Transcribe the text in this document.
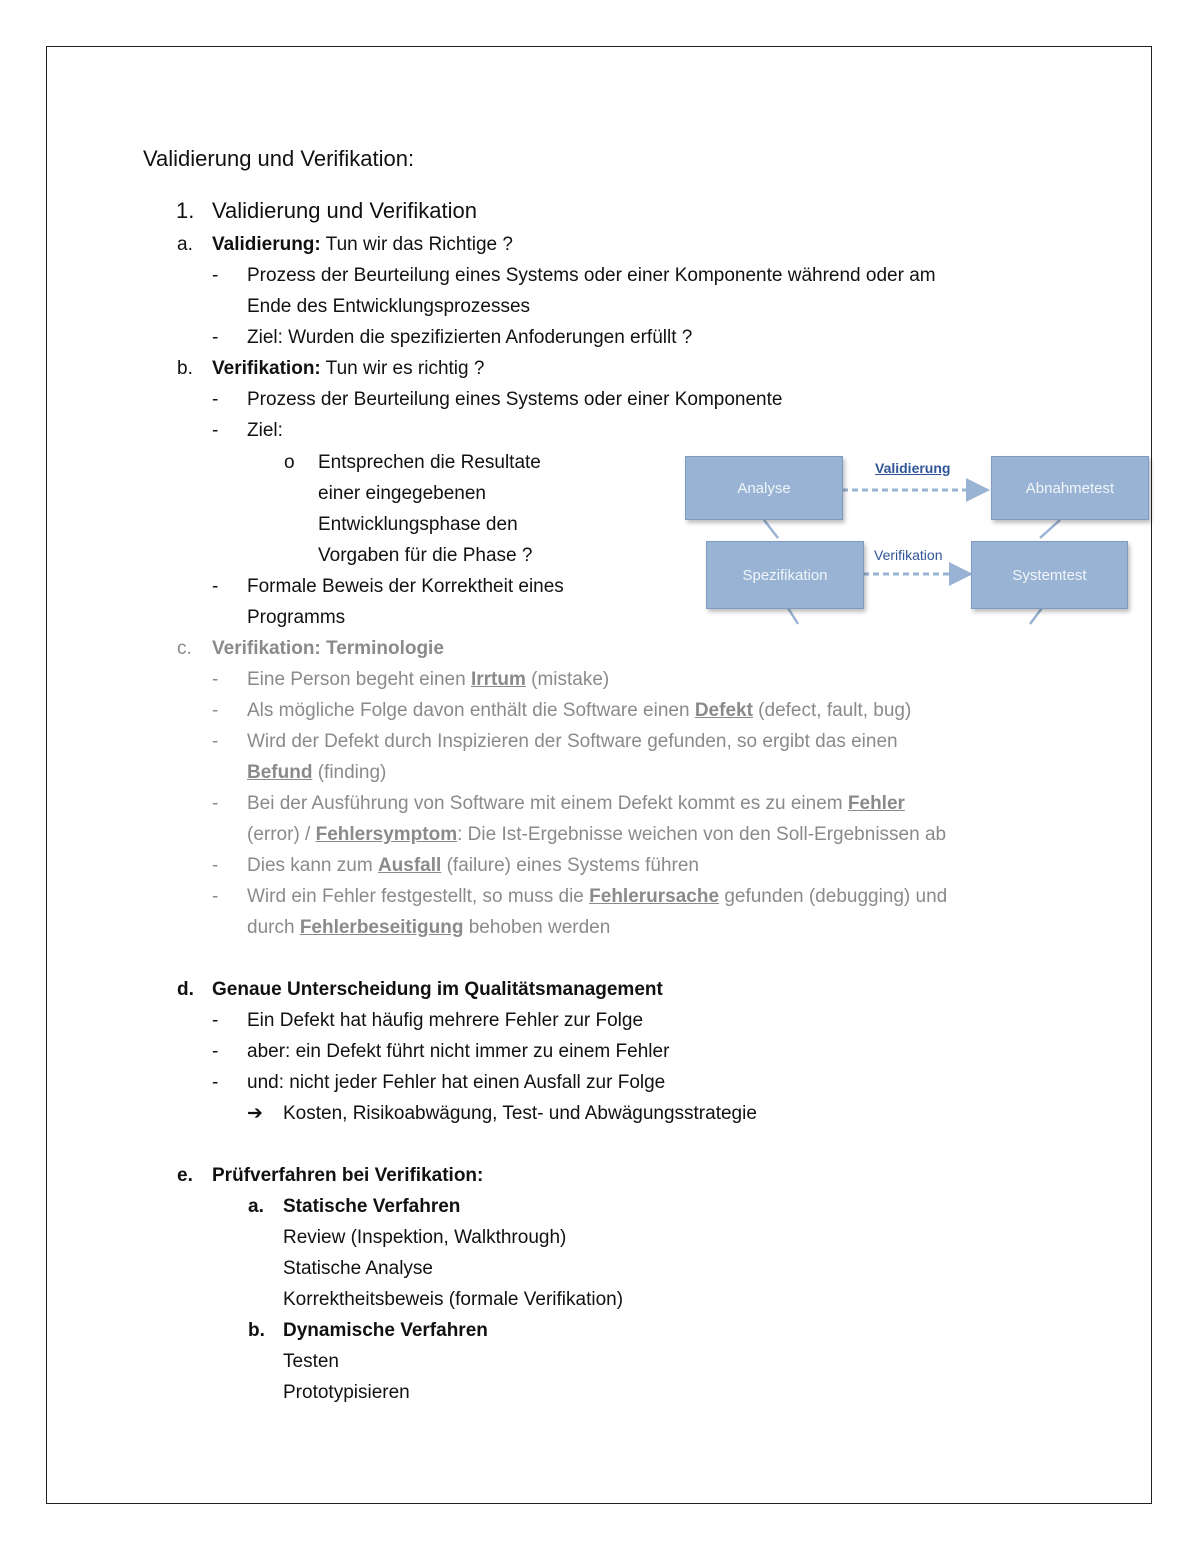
Validierung und Verifikation:
1. Validierung und Verifikation
a. Validierung: Tun wir das Richtige ?
- Prozess der Beurteilung eines Systems oder einer Komponente während oder am
Ende des Entwicklungsprozesses
- Ziel: Wurden die spezifizierten Anfoderungen erfüllt ?
b. Verifikation: Tun wir es richtig ?
- Prozess der Beurteilung eines Systems oder einer Komponente
- Ziel:
o Entsprechen die Resultate
einer eingegebenen
Entwicklungsphase den
Vorgaben für die Phase ?
- Formale Beweis der Korrektheit eines
Programms
Analyse	Abnahmetest
Spezifikation	Systemtest
Validierung
Verifikation
c. Verifikation: Terminologie
- Eine Person begeht einen Irrtum (mistake)
- Als mögliche Folge davon enthält die Software einen Defekt (defect, fault, bug)
- Wird der Defekt durch Inspizieren der Software gefunden, so ergibt das einen
Befund (finding)
- Bei der Ausführung von Software mit einem Defekt kommt es zu einem Fehler
(error) / Fehlersymptom: Die Ist-Ergebnisse weichen von den Soll-Ergebnissen ab
- Dies kann zum Ausfall (failure) eines Systems führen
- Wird ein Fehler festgestellt, so muss die Fehlerursache gefunden (debugging) und
durch Fehlerbeseitigung behoben werden
d. Genaue Unterscheidung im Qualitätsmanagement
- Ein Defekt hat häufig mehrere Fehler zur Folge
- aber: ein Defekt führt nicht immer zu einem Fehler
- und: nicht jeder Fehler hat einen Ausfall zur Folge
➔ Kosten, Risikoabwägung, Test- und Abwägungsstrategie
e. Prüfverfahren bei Verifikation:
a. Statische Verfahren
Review (Inspektion, Walkthrough)
Statische Analyse
Korrektheitsbeweis (formale Verifikation)
b. Dynamische Verfahren
Testen
Prototypisieren
